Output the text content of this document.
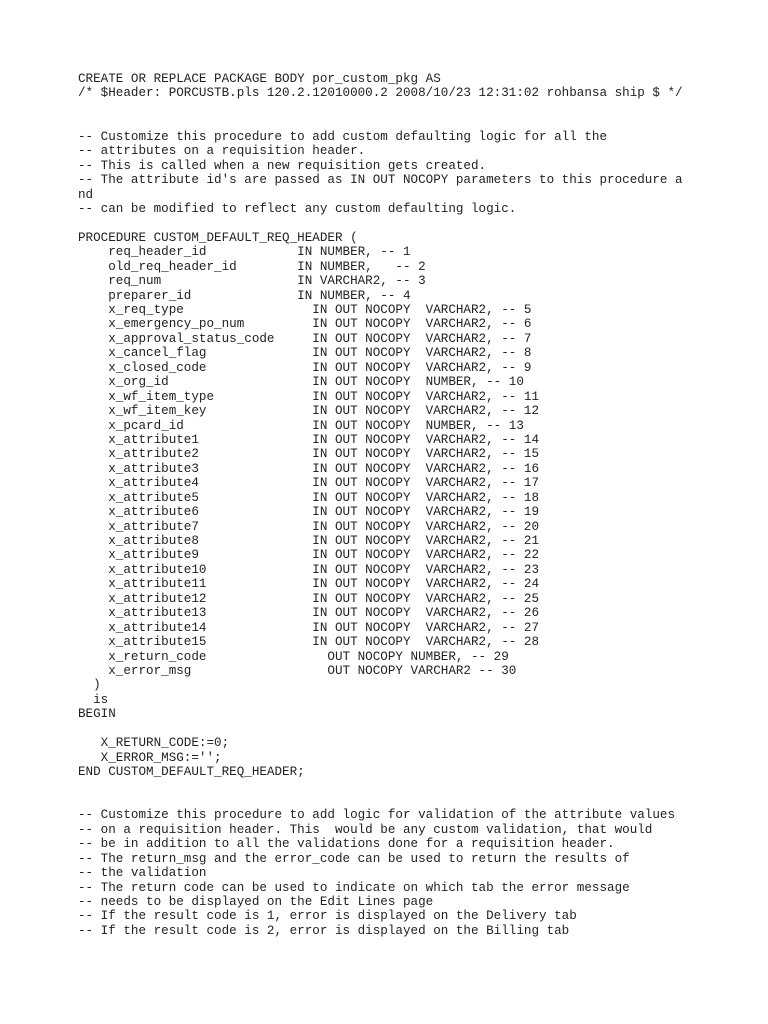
CREATE OR REPLACE PACKAGE BODY por_custom_pkg AS
/* $Header: PORCUSTB.pls 120.2.12010000.2 2008/10/23 12:31:02 rohbansa ship $ */
-- Customize this procedure to add custom defaulting logic for all the
-- attributes on a requisition header.
-- This is called when a new requisition gets created.
-- The attribute id's are passed as IN OUT NOCOPY parameters to this procedure a
nd
-- can be modified to reflect any custom defaulting logic.
PROCEDURE CUSTOM_DEFAULT_REQ_HEADER (
req_header_id            IN NUMBER, -- 1
old_req_header_id        IN NUMBER,   -- 2
req_num                  IN VARCHAR2, -- 3
preparer_id              IN NUMBER, -- 4
x_req_type                 IN OUT NOCOPY  VARCHAR2, -- 5
x_emergency_po_num         IN OUT NOCOPY  VARCHAR2, -- 6
x_approval_status_code     IN OUT NOCOPY  VARCHAR2, -- 7
x_cancel_flag              IN OUT NOCOPY  VARCHAR2, -- 8
x_closed_code              IN OUT NOCOPY  VARCHAR2, -- 9
x_org_id                   IN OUT NOCOPY  NUMBER, -- 10
x_wf_item_type             IN OUT NOCOPY  VARCHAR2, -- 11
x_wf_item_key              IN OUT NOCOPY  VARCHAR2, -- 12
x_pcard_id                 IN OUT NOCOPY  NUMBER, -- 13
x_attribute1               IN OUT NOCOPY  VARCHAR2, -- 14
x_attribute2               IN OUT NOCOPY  VARCHAR2, -- 15
x_attribute3               IN OUT NOCOPY  VARCHAR2, -- 16
x_attribute4               IN OUT NOCOPY  VARCHAR2, -- 17
x_attribute5               IN OUT NOCOPY  VARCHAR2, -- 18
x_attribute6               IN OUT NOCOPY  VARCHAR2, -- 19
x_attribute7               IN OUT NOCOPY  VARCHAR2, -- 20
x_attribute8               IN OUT NOCOPY  VARCHAR2, -- 21
x_attribute9               IN OUT NOCOPY  VARCHAR2, -- 22
x_attribute10              IN OUT NOCOPY  VARCHAR2, -- 23
x_attribute11              IN OUT NOCOPY  VARCHAR2, -- 24
x_attribute12              IN OUT NOCOPY  VARCHAR2, -- 25
x_attribute13              IN OUT NOCOPY  VARCHAR2, -- 26
x_attribute14              IN OUT NOCOPY  VARCHAR2, -- 27
x_attribute15              IN OUT NOCOPY  VARCHAR2, -- 28
x_return_code                OUT NOCOPY NUMBER, -- 29
x_error_msg                  OUT NOCOPY VARCHAR2 -- 30
)
is
BEGIN
X_RETURN_CODE:=0;
X_ERROR_MSG:='';
END CUSTOM_DEFAULT_REQ_HEADER;
-- Customize this procedure to add logic for validation of the attribute values
-- on a requisition header. This  would be any custom validation, that would
-- be in addition to all the validations done for a requisition header.
-- The return_msg and the error_code can be used to return the results of
-- the validation
-- The return code can be used to indicate on which tab the error message
-- needs to be displayed on the Edit Lines page
-- If the result code is 1, error is displayed on the Delivery tab
-- If the result code is 2, error is displayed on the Billing tab
